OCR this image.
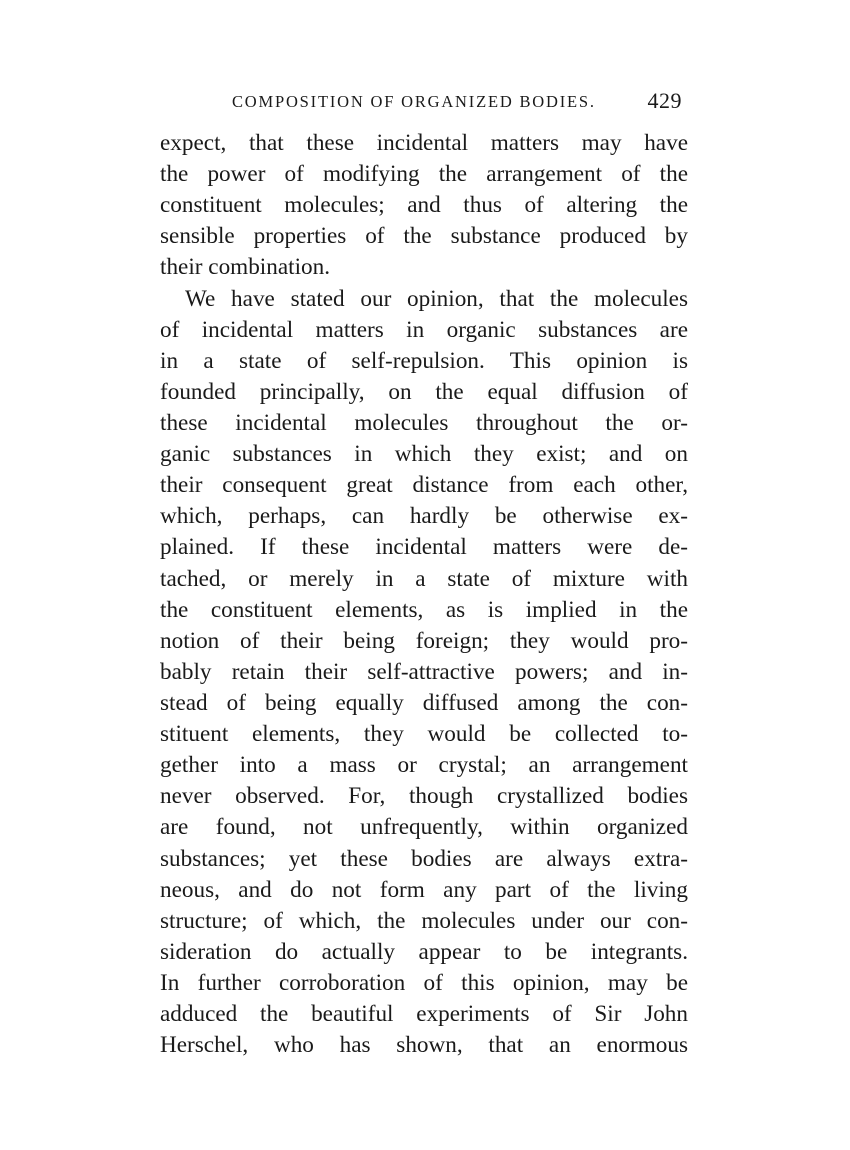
COMPOSITION OF ORGANIZED BODIES. 429
expect, that these incidental matters may have
the power of modifying the arrangement of the
constituent molecules; and thus of altering the
sensible properties of the substance produced by
their combination.
We have stated our opinion, that the molecules
of incidental matters in organic substances are
in a state of self-repulsion. This opinion is
founded principally, on the equal diffusion of
these incidental molecules throughout the or-
ganic substances in which they exist; and on
their consequent great distance from each other,
which, perhaps, can hardly be otherwise ex-
plained. If these incidental matters were de-
tached, or merely in a state of mixture with
the constituent elements, as is implied in the
notion of their being foreign; they would pro-
bably retain their self-attractive powers; and in-
stead of being equally diffused among the con-
stituent elements, they would be collected to-
gether into a mass or crystal; an arrangement
never observed. For, though crystallized bodies
are found, not unfrequently, within organized
substances; yet these bodies are always extra-
neous, and do not form any part of the living
structure; of which, the molecules under our con-
sideration do actually appear to be integrants.
In further corroboration of this opinion, may be
adduced the beautiful experiments of Sir John
Herschel, who has shown, that an enormous
